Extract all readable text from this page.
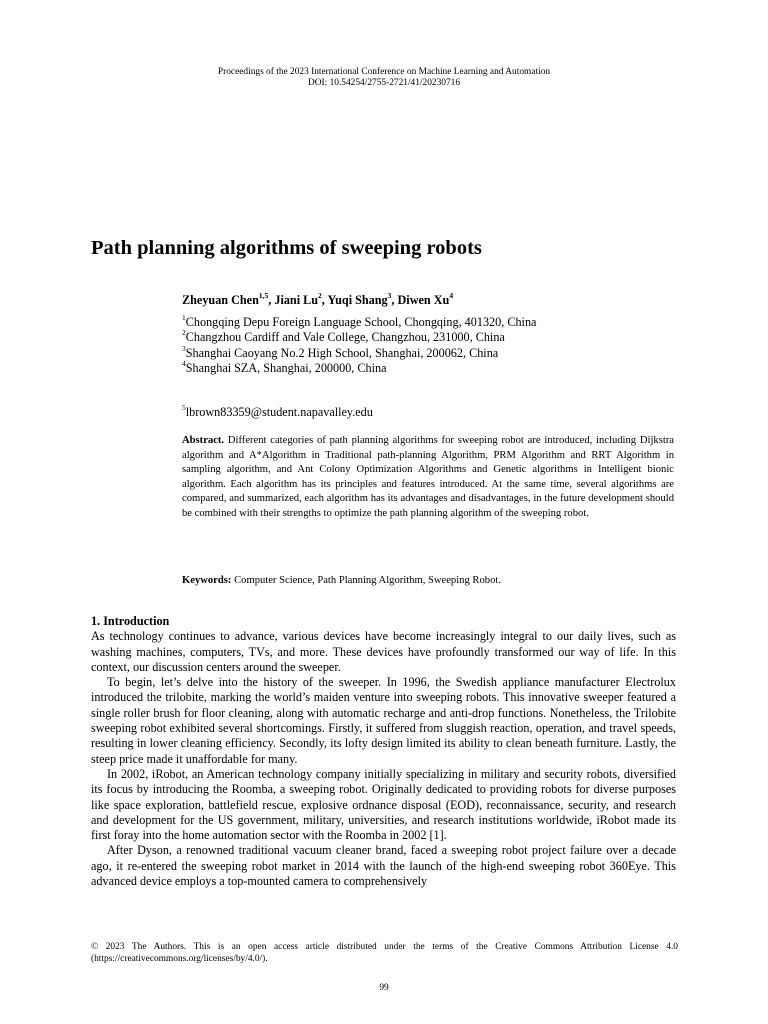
Proceedings of the 2023 International Conference on Machine Learning and Automation
DOI: 10.54254/2755-2721/41/20230716
Path planning algorithms of sweeping robots
Zheyuan Chen$^{1,5}$, Jiani Lu$^2$, Yuqi Shang$^3$, Diwen Xu$^4$
$^1$Chongqing Depu Foreign Language School, Chongqing, 401320, China
$^2$Changzhou Cardiff and Vale College, Changzhou, 231000, China
$^3$Shanghai Caoyang No.2 High School, Shanghai, 200062, China
$^4$Shanghai SZA, Shanghai, 200000, China
$^5$lbrown83359@student.napavalley.edu

Abstract. Different categories of path planning algorithms for sweeping robot are introduced, including Dijkstra algorithm and A*Algorithm in Traditional path-planning Algorithm, PRM Algorithm and RRT Algorithm in sampling algorithm, and Ant Colony Optimization Algorithms and Genetic algorithms in Intelligent bionic algorithm. Each algorithm has its principles and features introduced. At the same time, several algorithms are compared, and summarized, each algorithm has its advantages and disadvantages, in the future development should be combined with their strengths to optimize the path planning algorithm of the sweeping robot.

Keywords: Computer Science, Path Planning Algorithm, Sweeping Robot.
1. Introduction

As technology continues to advance, various devices have become increasingly integral to our daily lives, such as washing machines, computers, TVs, and more. These devices have profoundly transformed our way of life. In this context, our discussion centers around the sweeper.

To begin, let’s delve into the history of the sweeper. In 1996, the Swedish appliance manufacturer Electrolux introduced the trilobite, marking the world’s maiden venture into sweeping robots. This innovative sweeper featured a single roller brush for floor cleaning, along with automatic recharge and anti-drop functions. Nonetheless, the Trilobite sweeping robot exhibited several shortcomings. Firstly, it suffered from sluggish reaction, operation, and travel speeds, resulting in lower cleaning efficiency. Secondly, its lofty design limited its ability to clean beneath furniture. Lastly, the steep price made it unaffordable for many.

In 2002, iRobot, an American technology company initially specializing in military and security robots, diversified its focus by introducing the Roomba, a sweeping robot. Originally dedicated to providing robots for diverse purposes like space exploration, battlefield rescue, explosive ordnance disposal (EOD), reconnaissance, security, and research and development for the US government, military, universities, and research institutions worldwide, iRobot made its first foray into the home automation sector with the Roomba in 2002 [1].

After Dyson, a renowned traditional vacuum cleaner brand, faced a sweeping robot project failure over a decade ago, it re-entered the sweeping robot market in 2014 with the launch of the high-end sweeping robot 360Eye. This advanced device employs a top-mounted camera to comprehensively

© 2023 The Authors. This is an open access article distributed under the terms of the Creative Commons Attribution License 4.0 (https://creativecommons.org/licenses/by/4.0/).
99
